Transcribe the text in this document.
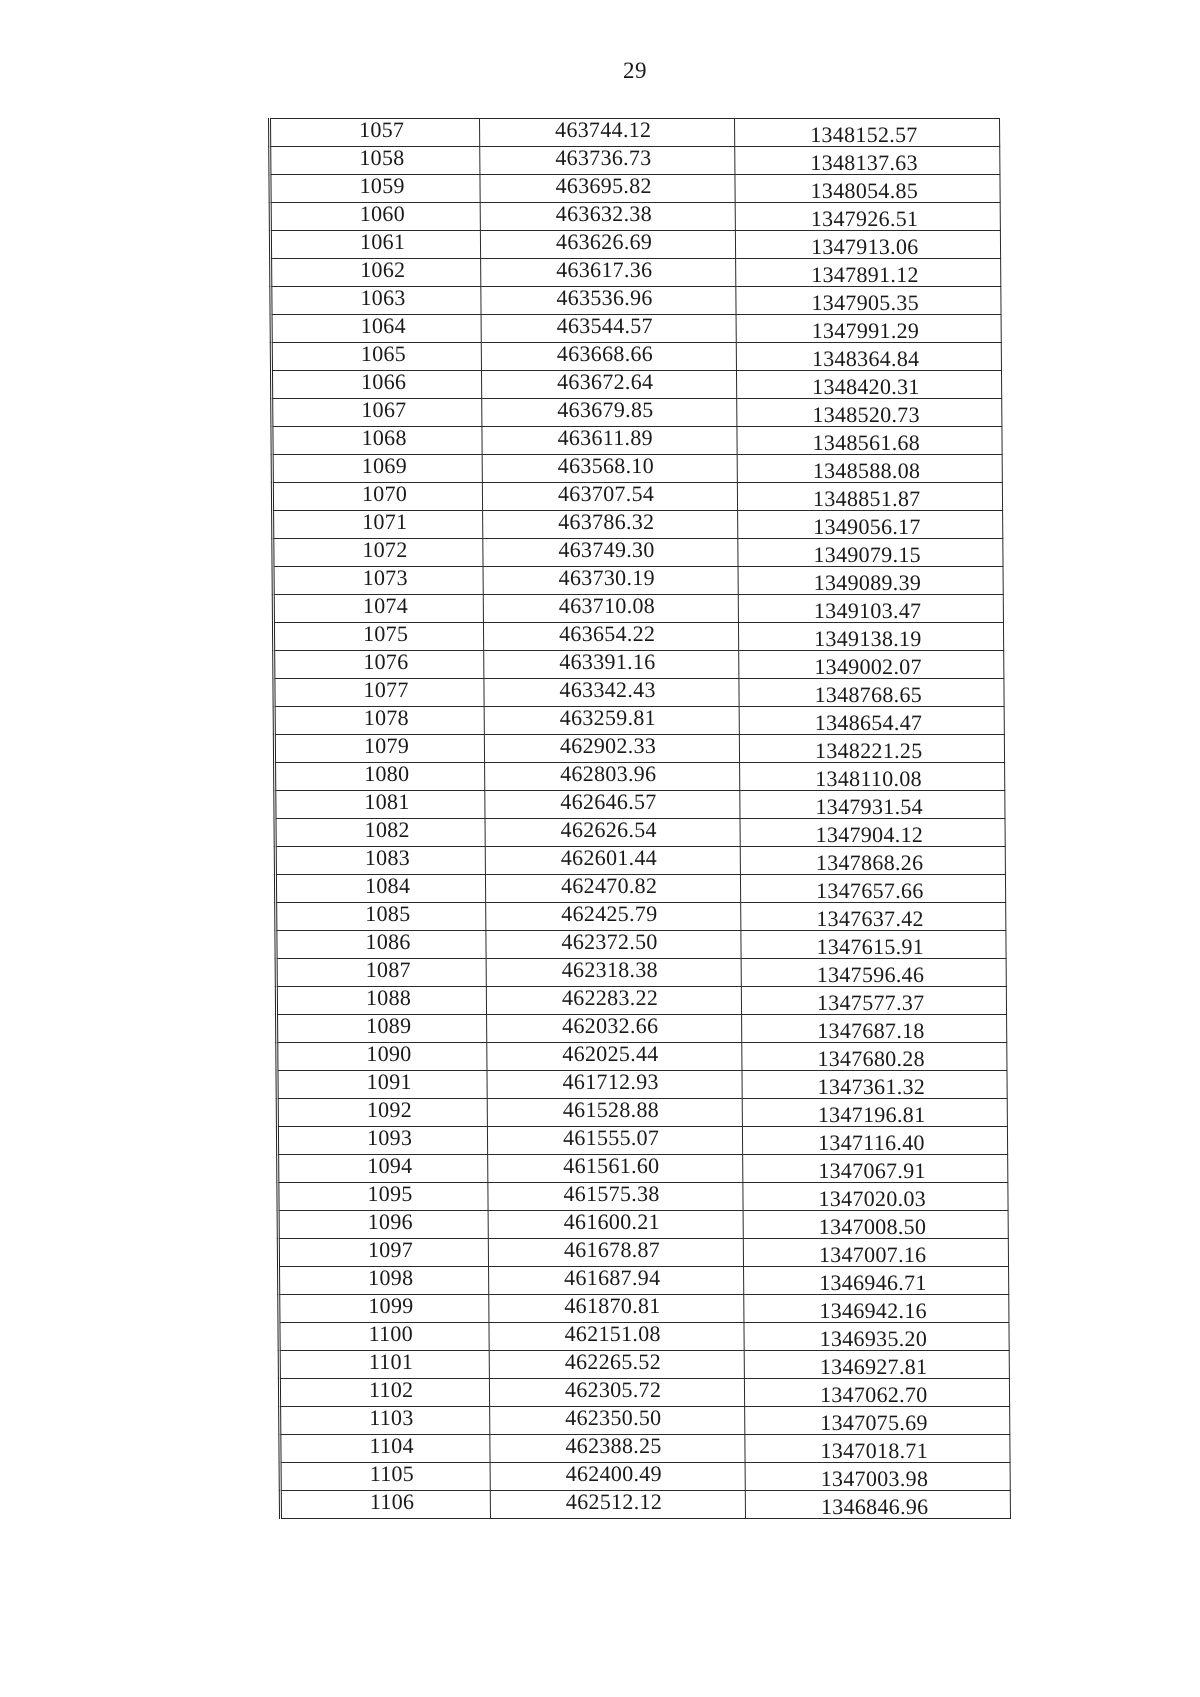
29
1057	463744.12	1348152.57
1058	463736.73	1348137.63
1059	463695.82	1348054.85
1060	463632.38	1347926.51
1061	463626.69	1347913.06
1062	463617.36	1347891.12
1063	463536.96	1347905.35
1064	463544.57	1347991.29
1065	463668.66	1348364.84
1066	463672.64	1348420.31
1067	463679.85	1348520.73
1068	463611.89	1348561.68
1069	463568.10	1348588.08
1070	463707.54	1348851.87
1071	463786.32	1349056.17
1072	463749.30	1349079.15
1073	463730.19	1349089.39
1074	463710.08	1349103.47
1075	463654.22	1349138.19
1076	463391.16	1349002.07
1077	463342.43	1348768.65
1078	463259.81	1348654.47
1079	462902.33	1348221.25
1080	462803.96	1348110.08
1081	462646.57	1347931.54
1082	462626.54	1347904.12
1083	462601.44	1347868.26
1084	462470.82	1347657.66
1085	462425.79	1347637.42
1086	462372.50	1347615.91
1087	462318.38	1347596.46
1088	462283.22	1347577.37
1089	462032.66	1347687.18
1090	462025.44	1347680.28
1091	461712.93	1347361.32
1092	461528.88	1347196.81
1093	461555.07	1347116.40
1094	461561.60	1347067.91
1095	461575.38	1347020.03
1096	461600.21	1347008.50
1097	461678.87	1347007.16
1098	461687.94	1346946.71
1099	461870.81	1346942.16
1100	462151.08	1346935.20
1101	462265.52	1346927.81
1102	462305.72	1347062.70
1103	462350.50	1347075.69
1104	462388.25	1347018.71
1105	462400.49	1347003.98
1106	462512.12	1346846.96
